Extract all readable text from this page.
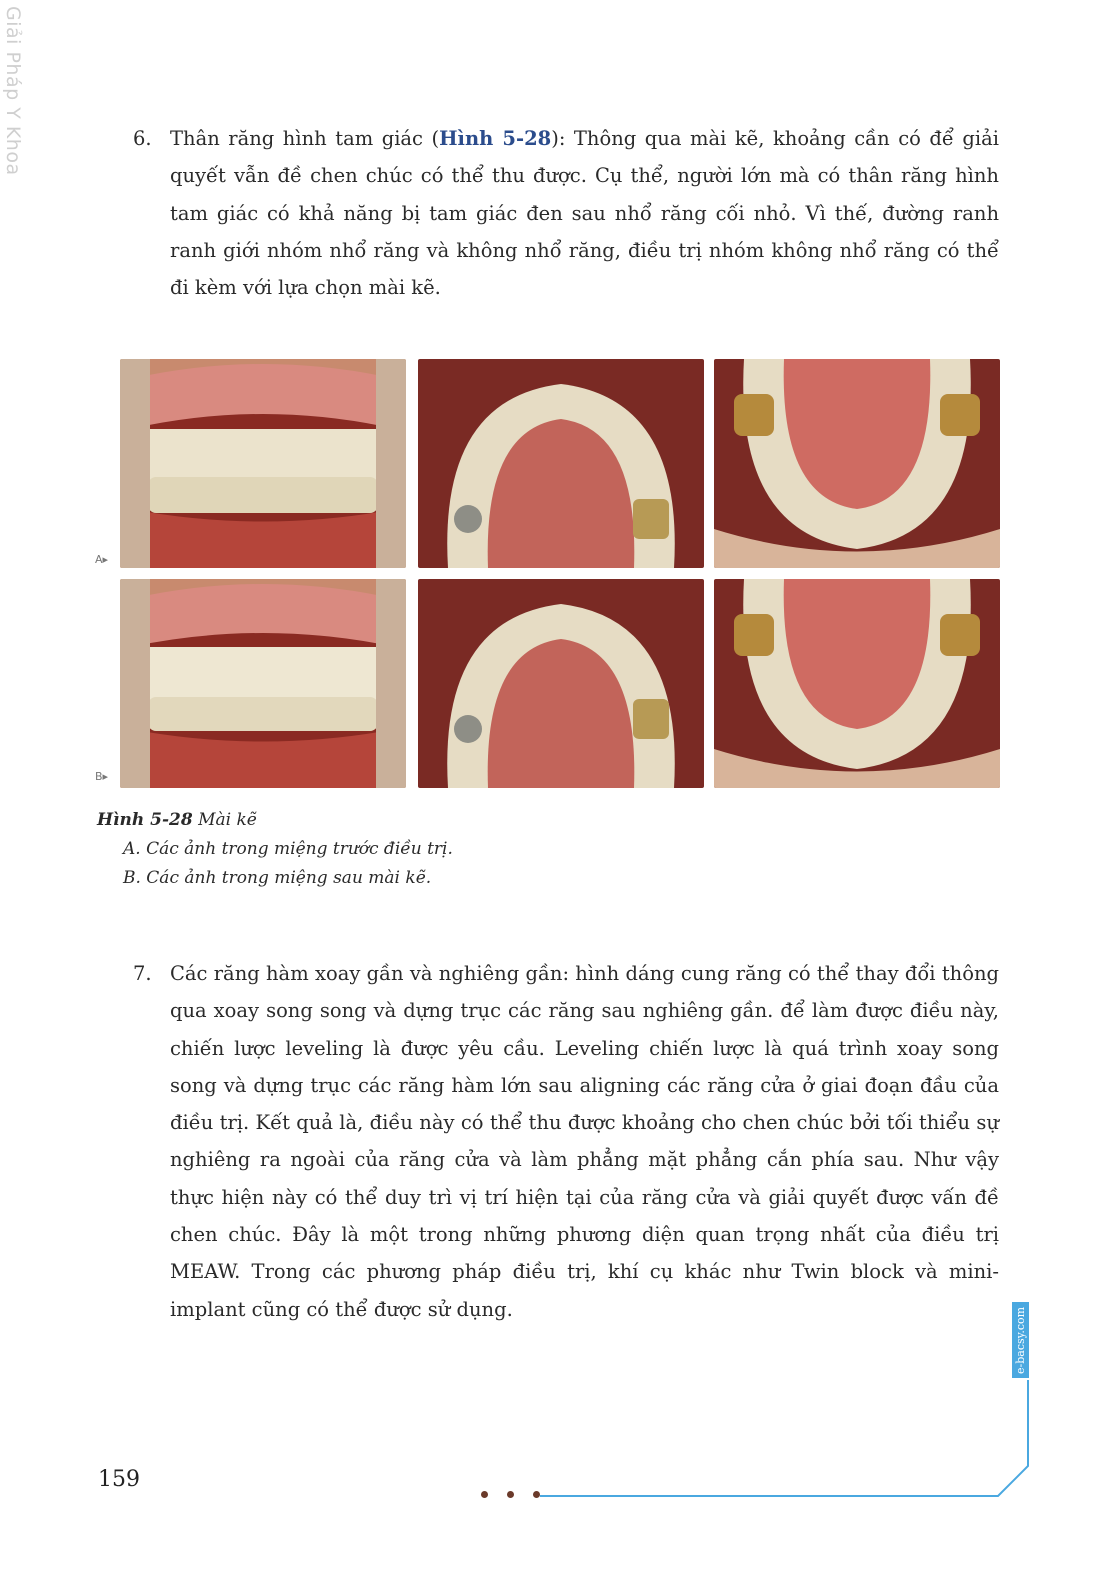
Giải Pháp Y Khoa	6. Thân răng hình tam giác (Hình 5-28): Thông qua mài kẽ, khoảng cần có để giải quyết vẫn đề chen chúc có thể thu được. Cụ thể, người lớn mà có thân răng hình tam giác có khả năng bị tam giác đen sau nhổ răng cối nhỏ. Vì thế, đường ranh ranh giới nhóm nhổ răng và không nhổ răng, điều trị nhóm không nhổ răng có thể đi kèm với lựa chọn mài kẽ.
A▸
B▸
Hình 5-28 Mài kẽ
A. Các ảnh trong miệng trước điều trị.
B. Các ảnh trong miệng sau mài kẽ.
7. Các răng hàm xoay gần và nghiêng gần: hình dáng cung răng có thể thay đổi thông qua xoay song song và dựng trục các răng sau nghiêng gần. để làm được điều này, chiến lược leveling là được yêu cầu. Leveling chiến lược là quá trình xoay song song và dựng trục các răng hàm lớn sau aligning các răng cửa ở giai đoạn đầu của điều trị. Kết quả là, điều này có thể thu được khoảng cho chen chúc bởi tối thiểu sự nghiêng ra ngoài của răng cửa và làm phẳng mặt phẳng cắn phía sau. Như vậy thực hiện này có thể duy trì vị trí hiện tại của răng cửa và giải quyết được vấn đề chen chúc. Đây là một trong những phương diện quan trọng nhất của điều trị MEAW. Trong các phương pháp điều trị, khí cụ khác như Twin block và mini-implant cũng có thể được sử dụng.	e-bacsy.com
159
